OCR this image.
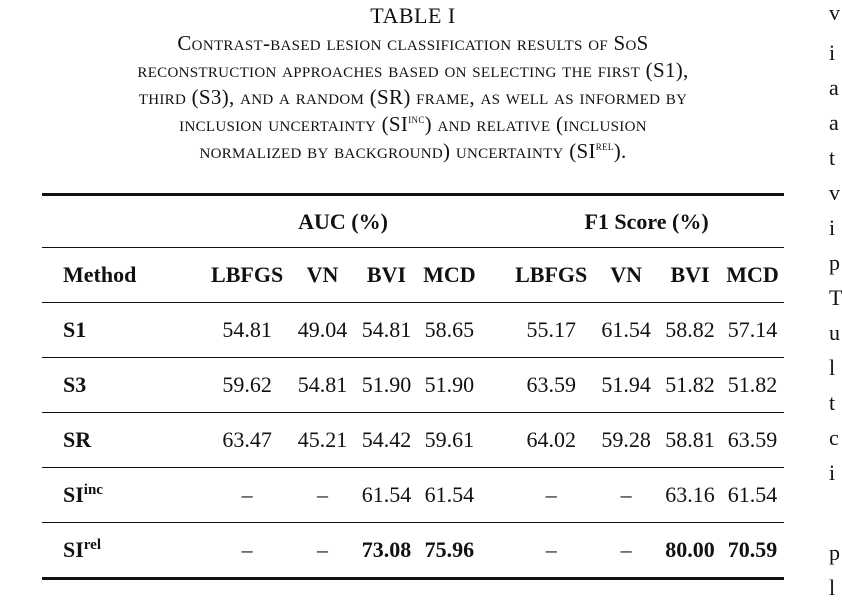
TABLE I
Contrast-based lesion classification results of SoS
reconstruction approaches based on selecting the first (S1),
third (S3), and a random (SR) frame, as well as informed by
inclusion uncertainty $(SI^{inc})$ and relative (inclusion
normalized by background) uncertainty $(SI^{rel})$.
	AUC (%)					F1 Score (%)			
Method	LBFGS	VN	BVI	MCD		LBFGS	VN	BVI	MCD
S1	54.81	49.04	54.81	58.65		55.17	61.54	58.82	57.14
S3	59.62	54.81	51.90	51.90		63.59	51.94	51.82	51.82
SR	63.47	45.21	54.42	59.61		64.02	59.28	58.81	63.59
$SI^{inc}$	–	–	61.54	61.54		–	–	63.16	61.54
$SI^{rel}$	–	–	73.08	75.96		–	–	80.00	70.59
v
i
a
a
t
v
i
p
T
u
l
t
c
i
p
l
